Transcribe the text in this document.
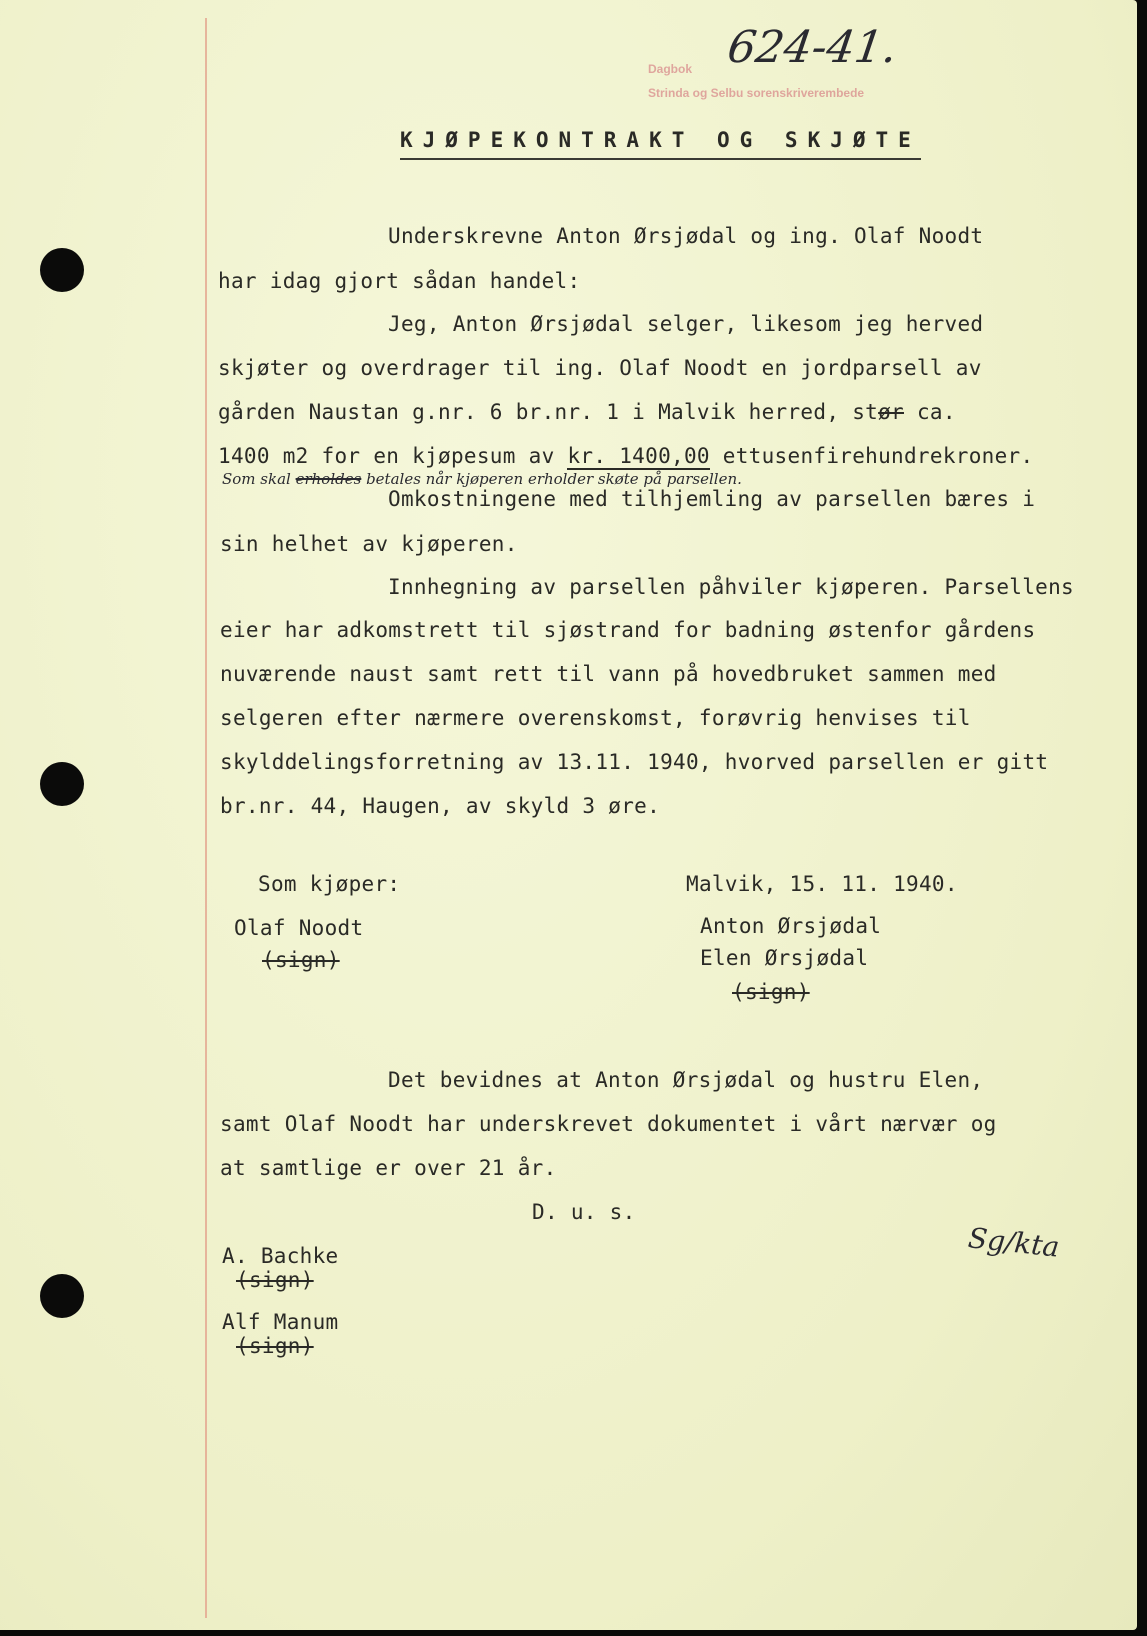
Dagbok
Strinda og Selbu sorenskriverembede
624-41.
KJØPEKONTRAKT OG SKJØTE
Underskrevne Anton Ørsjødal og ing. Olaf Noodt
har idag gjort sådan handel:
Jeg, Anton Ørsjødal selger, likesom jeg herved
skjøter og overdrager til ing. Olaf Noodt en jordparsell av
gården Naustan g.nr. 6 br.nr. 1 i Malvik herred, stør ca.
1400 m2 for en kjøpesum av kr. 1400,00 ettusenfirehundrekroner.
Som skal erholdes betales når kjøperen erholder skøte på parsellen.
Omkostningene med tilhjemling av parsellen bæres i
sin helhet av kjøperen.
Innhegning av parsellen påhviler kjøperen. Parsellens
eier har adkomstrett til sjøstrand for badning østenfor gårdens
nuværende naust samt rett til vann på hovedbruket sammen med
selgeren efter nærmere overenskomst, forøvrig henvises til
skylddelingsforretning av 13.11. 1940, hvorved parsellen er gitt
br.nr. 44, Haugen, av skyld 3 øre.
Som kjøper:
Olaf Noodt
(sign)
Malvik, 15. 11. 1940.
Anton Ørsjødal
Elen Ørsjødal
(sign)
Det bevidnes at Anton Ørsjødal og hustru Elen,
samt Olaf Noodt har underskrevet dokumentet i vårt nærvær og
at samtlige er over 21 år.
D. u. s.
A. Bachke
(sign)
Alf Manum
(sign)
Sg/kta
